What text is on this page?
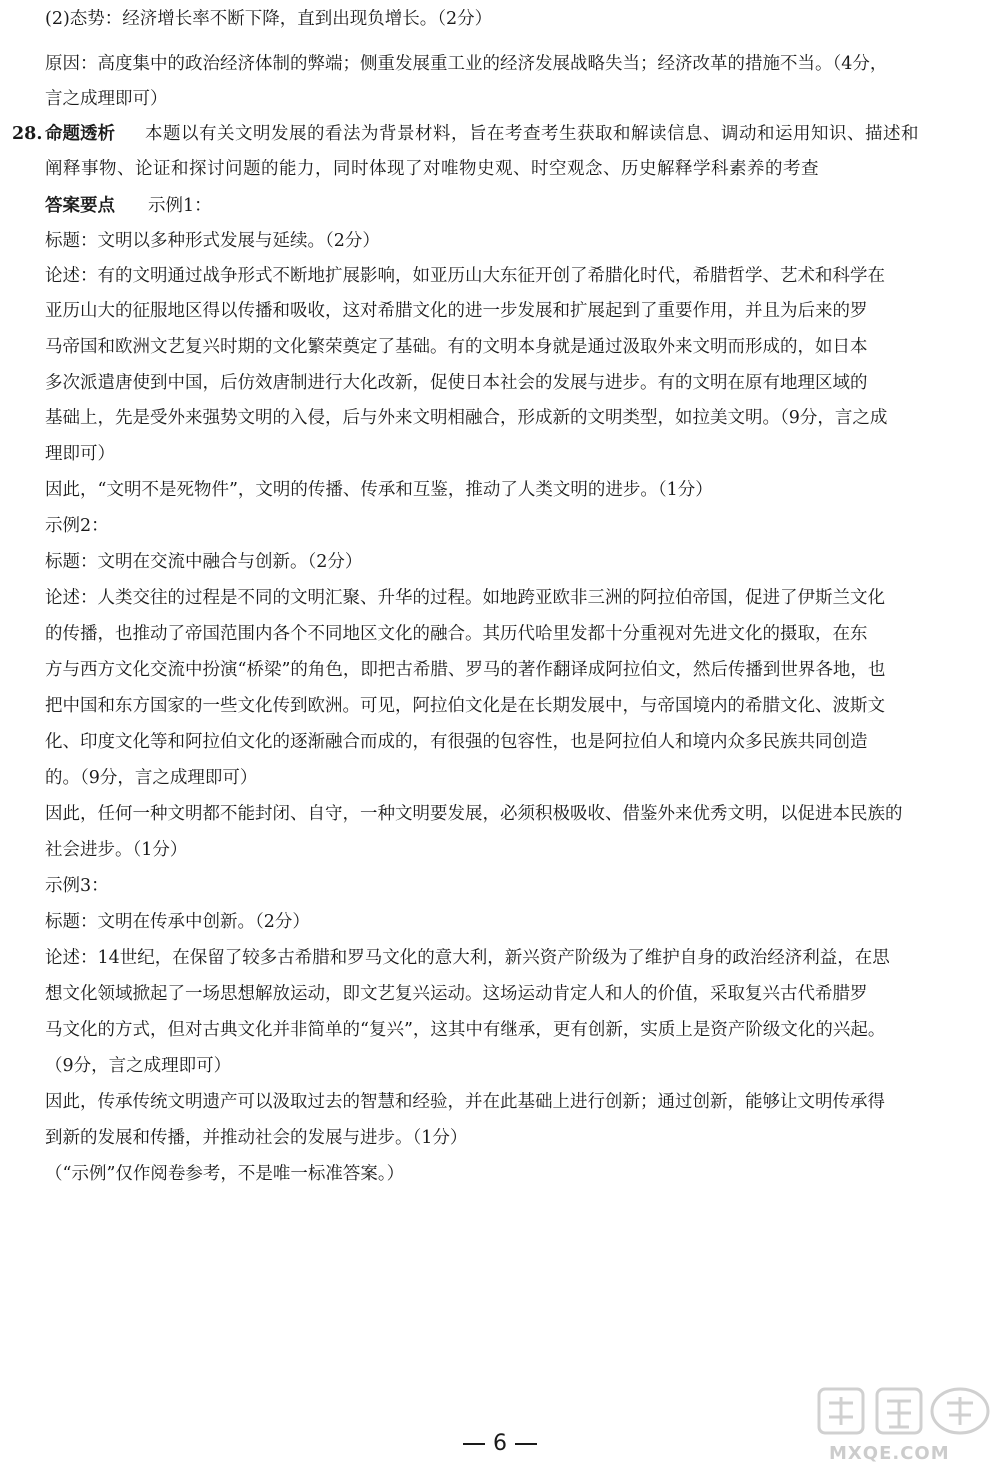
(2)态势：经济增长率不断下降，直到出现负增长。（2分）
原因：高度集中的政治经济体制的弊端；侧重发展重工业的经济发展战略失当；经济改革的措施不当。（4分，
言之成理即可）
28. 命题透析 本题以有关文明发展的看法为背景材料，旨在考查考生获取和解读信息、调动和运用知识、描述和
阐释事物、论证和探讨问题的能力，同时体现了对唯物史观、时空观念、历史解释学科素养的考查
答案要点 示例1：
标题：文明以多种形式发展与延续。（2分）
论述：有的文明通过战争形式不断地扩展影响，如亚历山大东征开创了希腊化时代，希腊哲学、艺术和科学在
亚历山大的征服地区得以传播和吸收，这对希腊文化的进一步发展和扩展起到了重要作用，并且为后来的罗
马帝国和欧洲文艺复兴时期的文化繁荣奠定了基础。有的文明本身就是通过汲取外来文明而形成的，如日本
多次派遣唐使到中国，后仿效唐制进行大化改新，促使日本社会的发展与进步。有的文明在原有地理区域的
基础上，先是受外来强势文明的入侵，后与外来文明相融合，形成新的文明类型，如拉美文明。（9分，言之成
理即可）
因此，“文明不是死物件”，文明的传播、传承和互鉴，推动了人类文明的进步。（1分）
示例2：
标题：文明在交流中融合与创新。（2分）
论述：人类交往的过程是不同的文明汇聚、升华的过程。如地跨亚欧非三洲的阿拉伯帝国，促进了伊斯兰文化
的传播，也推动了帝国范围内各个不同地区文化的融合。其历代哈里发都十分重视对先进文化的摄取，在东
方与西方文化交流中扮演“桥梁”的角色，即把古希腊、罗马的著作翻译成阿拉伯文，然后传播到世界各地，也
把中国和东方国家的一些文化传到欧洲。可见，阿拉伯文化是在长期发展中，与帝国境内的希腊文化、波斯文
化、印度文化等和阿拉伯文化的逐渐融合而成的，有很强的包容性，也是阿拉伯人和境内众多民族共同创造
的。（9分，言之成理即可）
因此，任何一种文明都不能封闭、自守，一种文明要发展，必须积极吸收、借鉴外来优秀文明，以促进本民族的
社会进步。（1分）
示例3：
标题：文明在传承中创新。（2分）
论述：14世纪，在保留了较多古希腊和罗马文化的意大利，新兴资产阶级为了维护自身的政治经济利益，在思
想文化领域掀起了一场思想解放运动，即文艺复兴运动。这场运动肯定人和人的价值，采取复兴古代希腊罗
马文化的方式，但对古典文化并非简单的“复兴”，这其中有继承，更有创新，实质上是资产阶级文化的兴起。
（9分，言之成理即可）
因此，传承传统文明遗产可以汲取过去的智慧和经验，并在此基础上进行创新；通过创新，能够让文明传承得
到新的发展和传播，并推动社会的发展与进步。（1分）
（“示例”仅作阅卷参考，不是唯一标准答案。）
6	MXQE.COM
